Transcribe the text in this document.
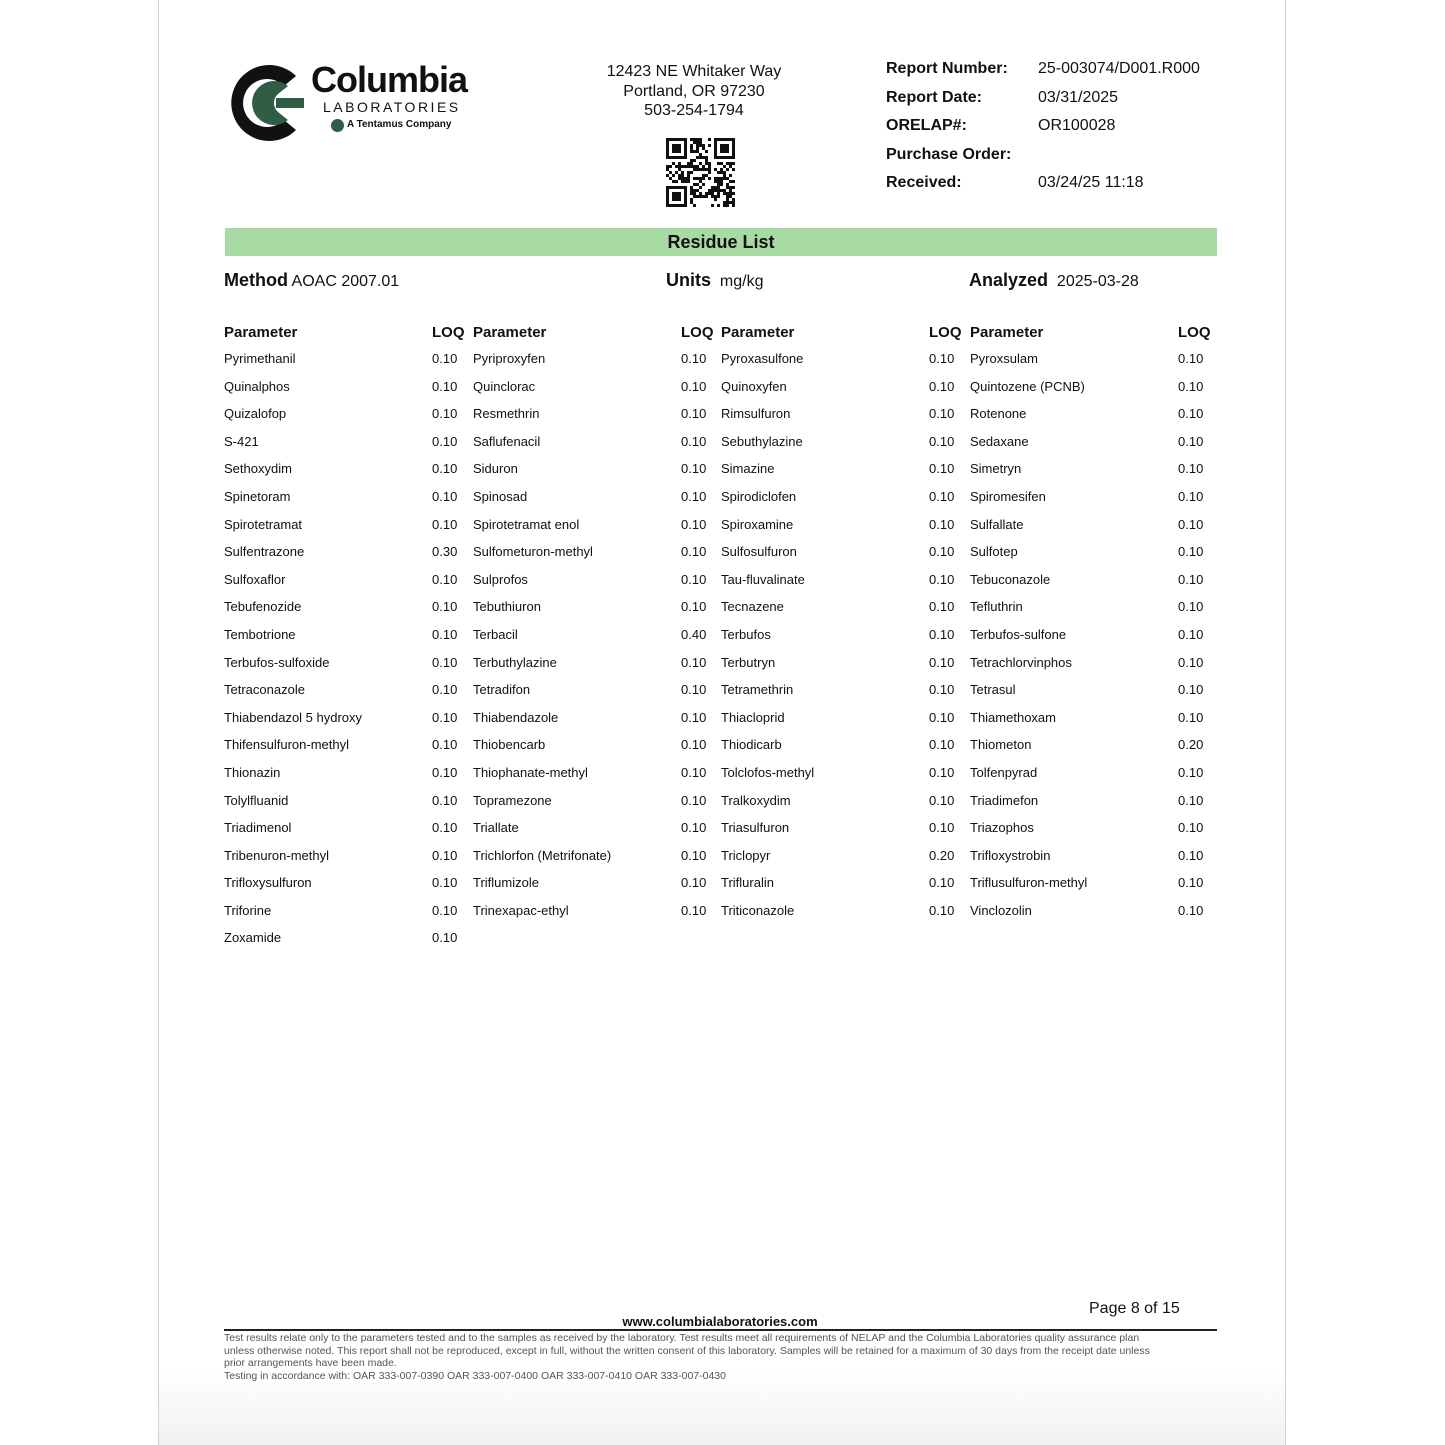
Columbia
LABORATORIES
A Tentamus Company
12423 NE Whitaker Way
Portland, OR 97230
503-254-1794
Report Number:	25-003074/D001.R000
Report Date:	03/31/2025
ORELAP#:	OR100028
Purchase Order:
Received:	03/24/25 11:18
Residue List
Method AOAC 2007.01	Units mg/kg	Analyzed 2025-03-28
Parameter	LOQ
Pyrimethanil	0.10
Quinalphos	0.10
Quizalofop	0.10
S-421	0.10
Sethoxydim	0.10
Spinetoram	0.10
Spirotetramat	0.10
Sulfentrazone	0.30
Sulfoxaflor	0.10
Tebufenozide	0.10
Tembotrione	0.10
Terbufos-sulfoxide	0.10
Tetraconazole	0.10
Thiabendazol 5 hydroxy	0.10
Thifensulfuron-methyl	0.10
Thionazin	0.10
Tolylfluanid	0.10
Triadimenol	0.10
Tribenuron-methyl	0.10
Trifloxysulfuron	0.10
Triforine	0.10
Zoxamide	0.10
Parameter	LOQ
Pyriproxyfen	0.10
Quinclorac	0.10
Resmethrin	0.10
Saflufenacil	0.10
Siduron	0.10
Spinosad	0.10
Spirotetramat enol	0.10
Sulfometuron-methyl	0.10
Sulprofos	0.10
Tebuthiuron	0.10
Terbacil	0.40
Terbuthylazine	0.10
Tetradifon	0.10
Thiabendazole	0.10
Thiobencarb	0.10
Thiophanate-methyl	0.10
Topramezone	0.10
Triallate	0.10
Trichlorfon (Metrifonate)	0.10
Triflumizole	0.10
Trinexapac-ethyl	0.10
Parameter	LOQ
Pyroxasulfone	0.10
Quinoxyfen	0.10
Rimsulfuron	0.10
Sebuthylazine	0.10
Simazine	0.10
Spirodiclofen	0.10
Spiroxamine	0.10
Sulfosulfuron	0.10
Tau-fluvalinate	0.10
Tecnazene	0.10
Terbufos	0.10
Terbutryn	0.10
Tetramethrin	0.10
Thiacloprid	0.10
Thiodicarb	0.10
Tolclofos-methyl	0.10
Tralkoxydim	0.10
Triasulfuron	0.10
Triclopyr	0.20
Trifluralin	0.10
Triticonazole	0.10
Parameter	LOQ
Pyroxsulam	0.10
Quintozene (PCNB)	0.10
Rotenone	0.10
Sedaxane	0.10
Simetryn	0.10
Spiromesifen	0.10
Sulfallate	0.10
Sulfotep	0.10
Tebuconazole	0.10
Tefluthrin	0.10
Terbufos-sulfone	0.10
Tetrachlorvinphos	0.10
Tetrasul	0.10
Thiamethoxam	0.10
Thiometon	0.20
Tolfenpyrad	0.10
Triadimefon	0.10
Triazophos	0.10
Trifloxystrobin	0.10
Triflusulfuron-methyl	0.10
Vinclozolin	0.10
Page 8 of 15
www.columbialaboratories.com
Test results relate only to the parameters tested and to the samples as received by the laboratory. Test results meet all requirements of NELAP and the Columbia Laboratories quality assurance plan
unless otherwise noted. This report shall not be reproduced, except in full, without the written consent of this laboratory. Samples will be retained for a maximum of 30 days from the receipt date unless
prior arrangements have been made.
Testing in accordance with: OAR 333-007-0390 OAR 333-007-0400 OAR 333-007-0410 OAR 333-007-0430
